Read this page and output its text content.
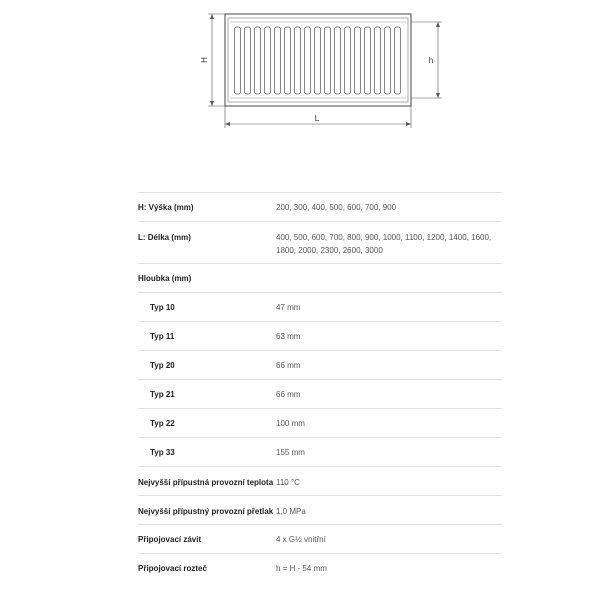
H	h
L
H: Výška (mm)	200, 300, 400, 500, 600, 700, 900

L: Délka (mm)	400, 500, 600, 700, 800, 900, 1000, 1100, 1200, 1400, 1600, 1800, 2000, 2300, 2600, 3000

Hloubka (mm)	

Typ 10	47 mm

Typ 11	63 mm

Typ 20	66 mm

Typ 21	66 mm

Typ 22	100 mm

Typ 33	155 mm

Nejvyšší přípustná provozní teplota	110 °C

Nejvyšší přípustný provozní přetlak	1,0 MPa

Připojovací závit	4 x G½ vnitřní

Připojovací rozteč	h = H - 54 mm
